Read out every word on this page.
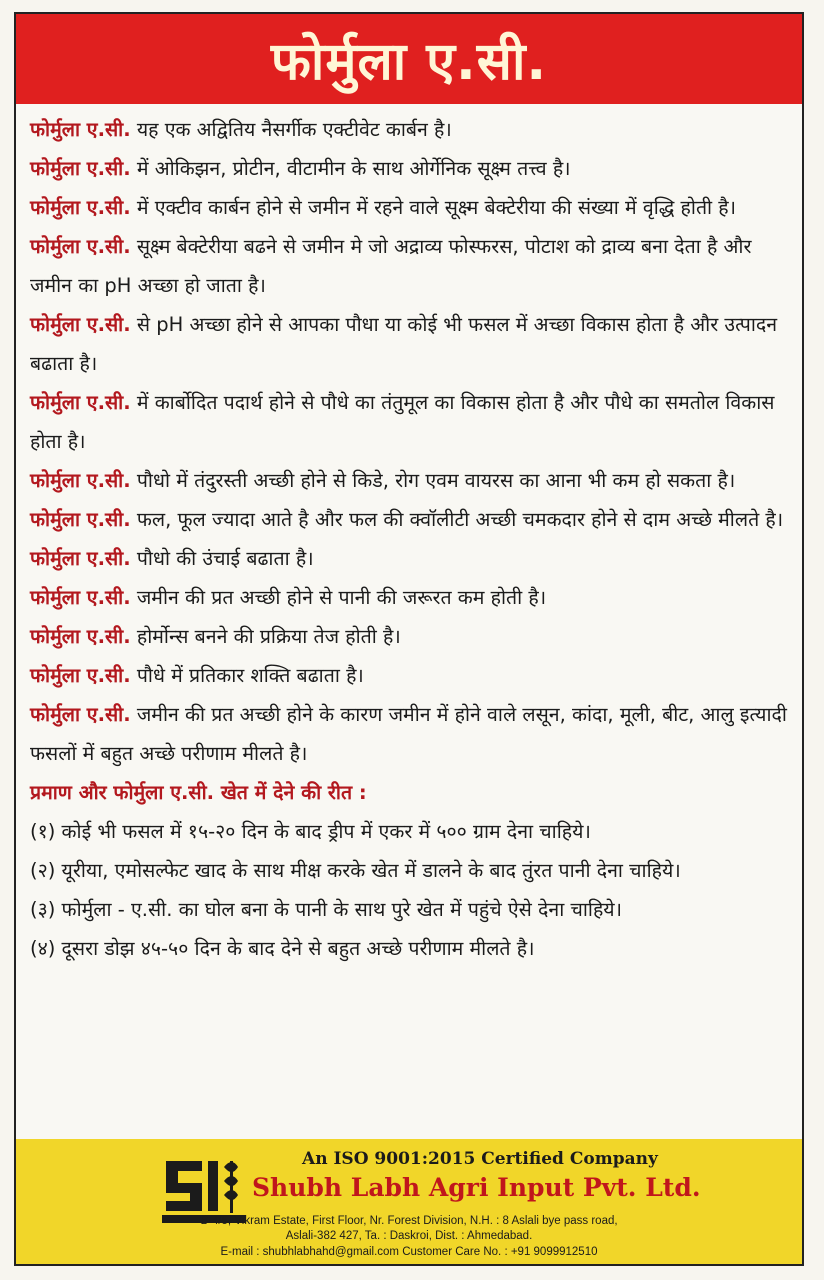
फोर्मुला ए.सी.

फोर्मुला ए.सी. यह एक अद्वितिय नैसर्गीक एक्टीवेट कार्बन है।

फोर्मुला ए.सी. में ओकिझन, प्रोटीन, वीटामीन के साथ ओर्गेनिक सूक्ष्म तत्त्व है।

फोर्मुला ए.सी. में एक्टीव कार्बन होने से जमीन में रहने वाले सूक्ष्म बेक्टेरीया की संख्या में वृद्धि होती है।

फोर्मुला ए.सी. सूक्ष्म बेक्टेरीया बढने से जमीन मे जो अद्राव्य फोस्फरस, पोटाश को द्राव्य बना देता है और जमीन का pH अच्छा हो जाता है।

फोर्मुला ए.सी. से pH अच्छा होने से आपका पौधा या कोई भी फसल में अच्छा विकास होता है और उत्पादन बढाता है।

फोर्मुला ए.सी. में कार्बोदित पदार्थ होने से पौधे का तंतुमूल का विकास होता है और पौधे का समतोल विकास होता है।

फोर्मुला ए.सी. पौधो में तंदुरस्ती अच्छी होने से किडे, रोग एवम वायरस का आना भी कम हो सकता है।

फोर्मुला ए.सी. फल, फूल ज्यादा आते है और फल की क्वॉलीटी अच्छी चमकदार होने से दाम अच्छे मीलते है।

फोर्मुला ए.सी. पौधो की उंचाई बढाता है।

फोर्मुला ए.सी. जमीन की प्रत अच्छी होने से पानी की जरूरत कम होती है।

फोर्मुला ए.सी. होर्मोन्स बनने की प्रक्रिया तेज होती है।

फोर्मुला ए.सी. पौधे में प्रतिकार शक्ति बढाता है।

फोर्मुला ए.सी. जमीन की प्रत अच्छी होने के कारण जमीन में होने वाले लसून, कांदा, मूली, बीट, आलु इत्यादी फसलों में बहुत अच्छे परीणाम मीलते है।

प्रमाण और फोर्मुला ए.सी. खेत में देने की रीत :

(१) कोई भी फसल में १५-२० दिन के बाद ड्रीप में एकर में ५०० ग्राम देना चाहिये।

(२) यूरीया, एमोसल्फेट खाद के साथ मीक्ष करके खेत में डालने के बाद तुंरत पानी देना चाहिये।

(३) फोर्मुला - ए.सी. का घोल बना के पानी के साथ पुरे खेत में पहुंचे ऐसे देना चाहिये।

(४) दूसरा डोझ ४५-५० दिन के बाद देने से बहुत अच्छे परीणाम मीलते है।

An ISO 9001:2015 Certified Company
Shubh Labh Agri Input Pvt. Ltd.
B-4/5, Vikram Estate, First Floor, Nr. Forest Division, N.H. : 8 Aslali bye pass road,
Aslali-382 427, Ta. : Daskroi, Dist. : Ahmedabad.
E-mail : shubhlabhahd@gmail.com Customer Care No. : +91 9099912510
